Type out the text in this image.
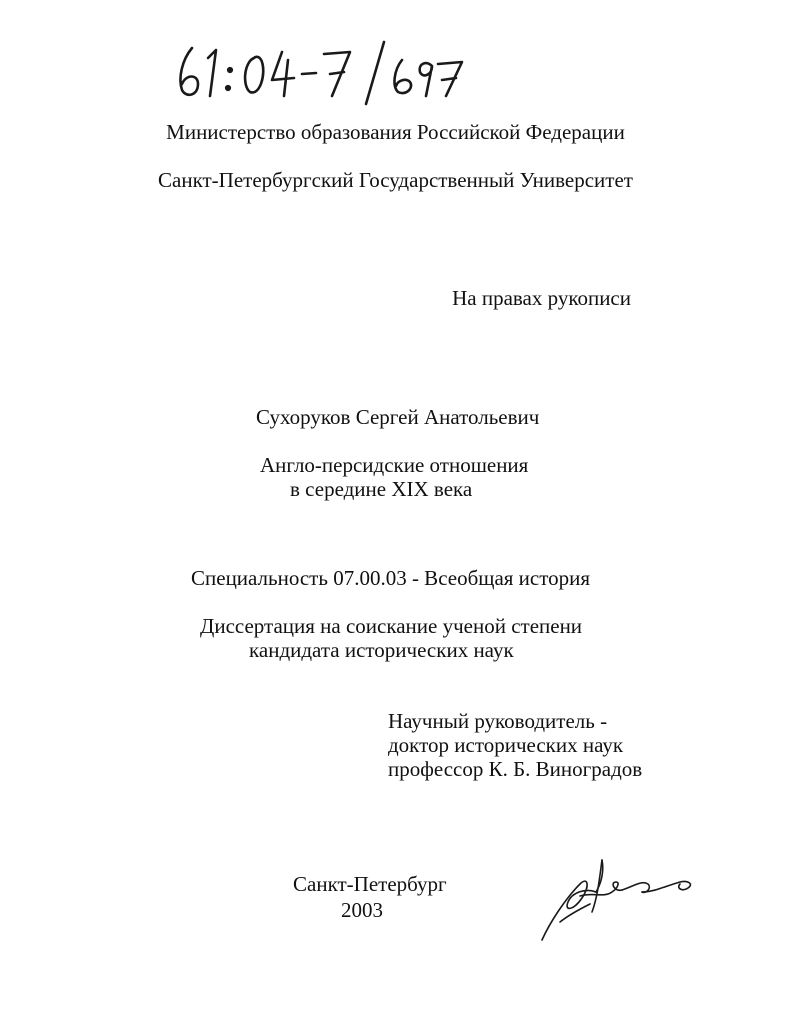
Министерство образования Российской Федерации

Санкт-Петербургский Государственный Университет

На правах рукописи

Сухоруков Сергей Анатольевич

Англо-персидские отношения

в середине XIX века

Специальность 07.00.03 - Всеобщая история

Диссертация на соискание ученой степени

кандидата исторических наук

Научный руководитель -

доктор исторических наук

профессор К. Б. Виноградов

Санкт-Петербург

2003
